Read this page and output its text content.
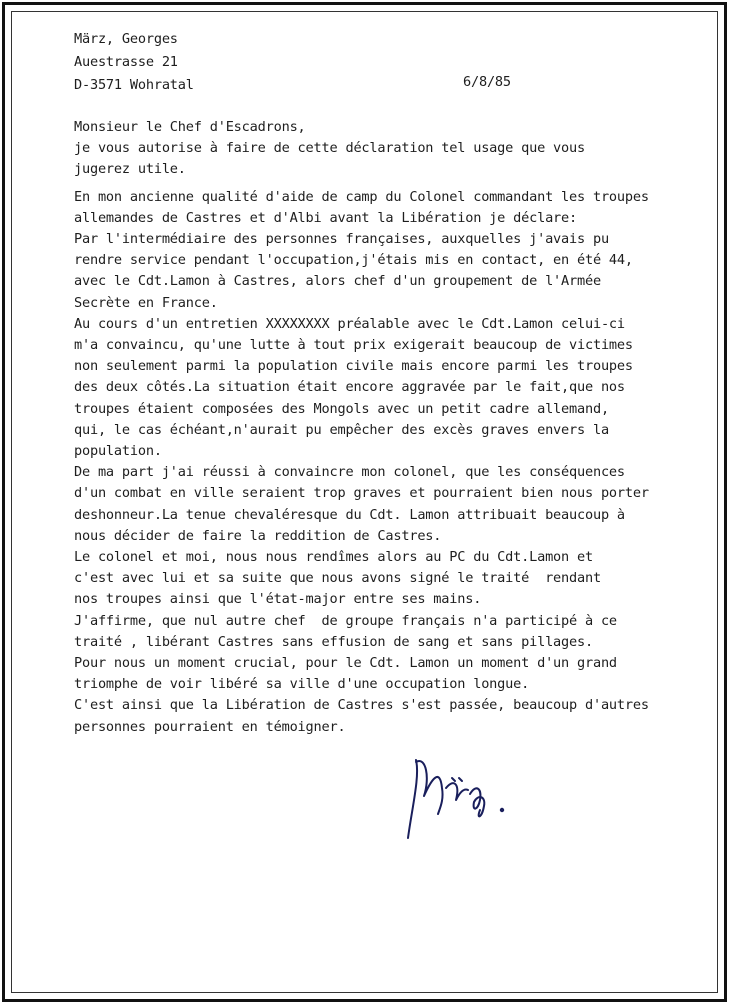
März, Georges
Auestrasse 21
D-3571 Wohratal	6/8/85
Monsieur le Chef d'Escadrons,
je vous autorise à faire de cette déclaration tel usage que vous
jugerez utile.
En mon ancienne qualité d'aide de camp du Colonel commandant les troupes
allemandes de Castres et d'Albi avant la Libération je déclare:
Par l'intermédiaire des personnes françaises, auxquelles j'avais pu
rendre service pendant l'occupation,j'étais mis en contact, en été 44,
avec le Cdt.Lamon à Castres, alors chef d'un groupement de l'Armée
Secrète en France.
Au cours d'un entretien XXXXXXXX préalable avec le Cdt.Lamon celui-ci
m'a convaincu, qu'une lutte à tout prix exigerait beaucoup de victimes
non seulement parmi la population civile mais encore parmi les troupes
des deux côtés.La situation était encore aggravée par le fait,que nos
troupes étaient composées des Mongols avec un petit cadre allemand,
qui, le cas échéant,n'aurait pu empêcher des excès graves envers la
population.
De ma part j'ai réussi à convaincre mon colonel, que les conséquences
d'un combat en ville seraient trop graves et pourraient bien nous porter
deshonneur.La tenue chevaléresque du Cdt. Lamon attribuait beaucoup à
nous décider de faire la reddition de Castres.
Le colonel et moi, nous nous rendîmes alors au PC du Cdt.Lamon et
c'est avec lui et sa suite que nous avons signé le traité  rendant
nos troupes ainsi que l'état-major entre ses mains.
J'affirme, que nul autre chef  de groupe français n'a participé à ce
traité , libérant Castres sans effusion de sang et sans pillages.
Pour nous un moment crucial, pour le Cdt. Lamon un moment d'un grand
triomphe de voir libéré sa ville d'une occupation longue.
C'est ainsi que la Libération de Castres s'est passée, beaucoup d'autres
personnes pourraient en témoigner.
